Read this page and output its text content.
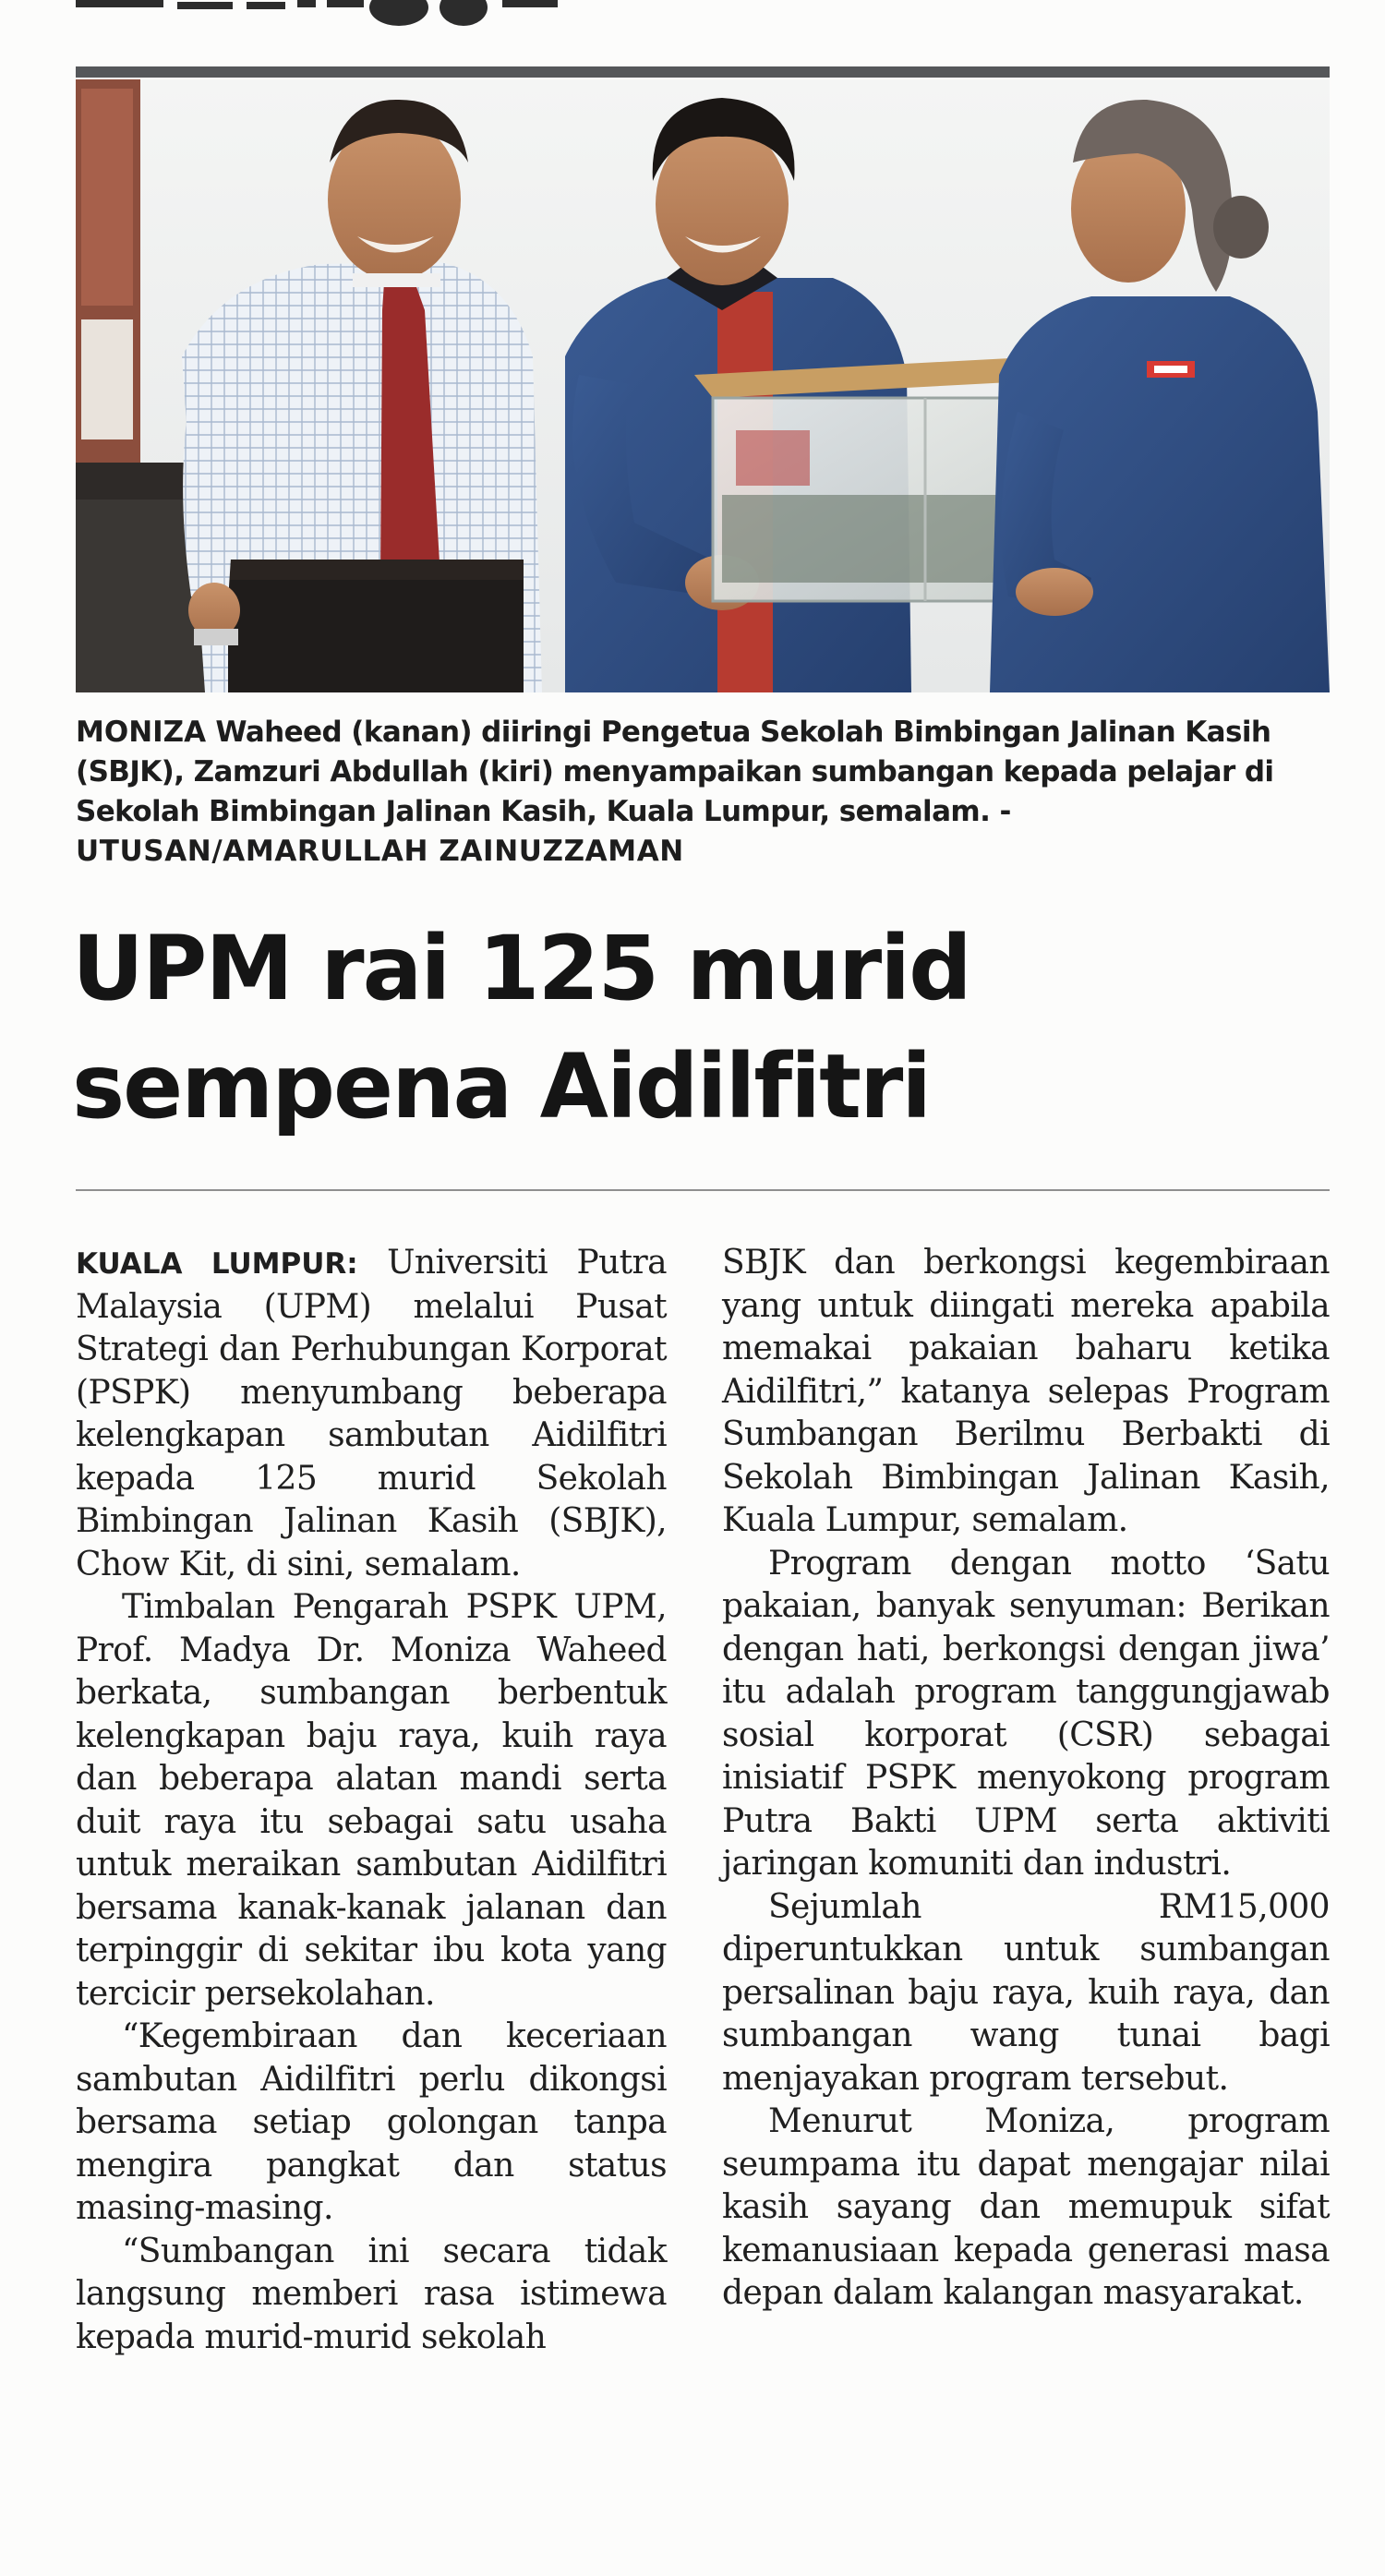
MONIZA Waheed (kanan) diiringi Pengetua Sekolah Bimbingan Jalinan Kasih (SBJK), Zamzuri Abdullah (kiri) menyampaikan sumbangan kepada pelajar di Sekolah Bimbingan Jalinan Kasih, Kuala Lumpur, semalam. - UTUSAN/AMARULLAH ZAINUZZAMAN
UPM rai 125 murid
sempena Aidilfitri

KUALA LUMPUR: Universiti Putra Malaysia (UPM) melalui Pusat Strategi dan Perhubungan Korporat (PSPK) menyumbang beberapa kelengkapan sambutan Aidilfitri kepada 125 murid Sekolah Bimbingan Jalinan Kasih (SBJK), Chow Kit, di sini, semalam.

Timbalan Pengarah PSPK UPM, Prof. Madya Dr. Moniza Waheed berkata, sumbangan berbentuk kelengkapan baju raya, kuih raya dan beberapa alatan mandi serta duit raya itu sebagai satu usaha untuk meraikan sambutan Aidilfitri bersama kanak-kanak jalanan dan terpinggir di sekitar ibu kota yang tercicir persekolahan.

“Kegembiraan dan keceriaan sambutan Aidilfitri perlu dikongsi bersama setiap golongan tanpa mengira pangkat dan status masing-masing.

“Sumbangan ini secara tidak langsung memberi rasa istimewa kepada murid-murid sekolah

SBJK dan berkongsi kegembiraan yang untuk diingati mereka apabila memakai pakaian baharu ketika Aidilfitri,” katanya selepas Program Sumbangan Berilmu Berbakti di Sekolah Bimbingan Jalinan Kasih, Kuala Lumpur, semalam.

Program dengan motto ‘Satu pakaian, banyak senyuman: Berikan dengan hati, berkongsi dengan jiwa’ itu adalah program tanggungjawab sosial korporat (CSR) sebagai inisiatif PSPK menyokong program Putra Bakti UPM serta aktiviti jaringan komuniti dan industri.

Sejumlah RM15,000 diperuntukkan untuk sumbangan persalinan baju raya, kuih raya, dan sumbangan wang tunai bagi menjayakan program tersebut.

Menurut Moniza, program seumpama itu dapat mengajar nilai kasih sayang dan memupuk sifat kemanusiaan kepada generasi masa depan dalam kalangan masyarakat.
